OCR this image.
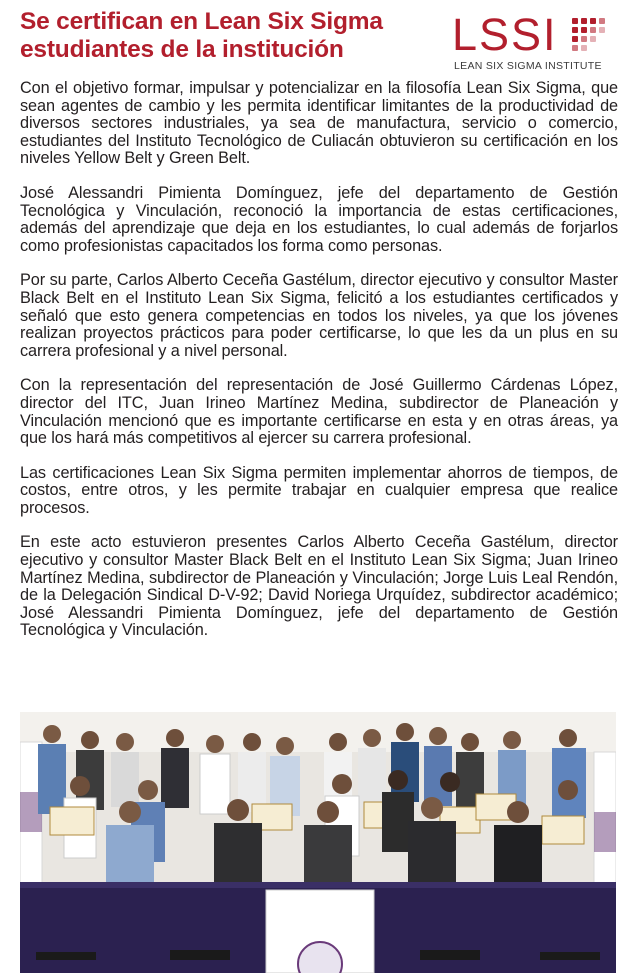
Se certifican en Lean Six Sigma
estudiantes de la institución	LSSI
LEAN SIX SIGMA INSTITUTE

Con el objetivo formar, impulsar y potencializar en la filosofía Lean Six Sigma, que sean agentes de cambio y les permita identificar limitantes de la productividad de diversos sectores industriales, ya sea de manufactura, servicio o comercio, estudiantes del Instituto Tecnológico de Culiacán obtuvieron su certificación en los niveles Yellow Belt y Green Belt.

José Alessandri Pimienta Domínguez, jefe del departamento de Gestión Tecnológica y Vinculación, reconoció la importancia de estas certificaciones, además del aprendizaje que deja en los estudiantes, lo cual además de forjarlos como profesionistas capacitados los forma como personas.

Por su parte, Carlos Alberto Ceceña Gastélum, director ejecutivo y consultor Master Black Belt en el Instituto Lean Six Sigma, felicitó a los estudiantes certificados y señaló que esto genera competencias en todos los niveles, ya que los jóvenes realizan proyectos prácticos para poder certificarse, lo que les da un plus en su carrera profesional y a nivel personal.

Con la representación del representación de José Guillermo Cárdenas López, director del ITC, Juan Irineo Martínez Medina, subdirector de Planeación y Vinculación mencionó que es importante certificarse en esta y en otras áreas, ya que los hará más competitivos al ejercer su carrera profesional.

Las certificaciones Lean Six Sigma permiten implementar ahorros de tiempos, de costos, entre otros, y les permite trabajar en cualquier empresa que realice procesos.

En este acto estuvieron presentes Carlos Alberto Ceceña Gastélum, director ejecutivo y consultor Master Black Belt en el Instituto Lean Six Sigma; Juan Irineo Martínez Medina, subdirector de Planeación y Vinculación; Jorge Luis Leal Rendón, de la Delegación Sindical D-V-92; David Noriega Urquídez, subdirector académico; José Alessandri Pimienta Domínguez, jefe del departamento de Gestión Tecnológica y Vinculación.
